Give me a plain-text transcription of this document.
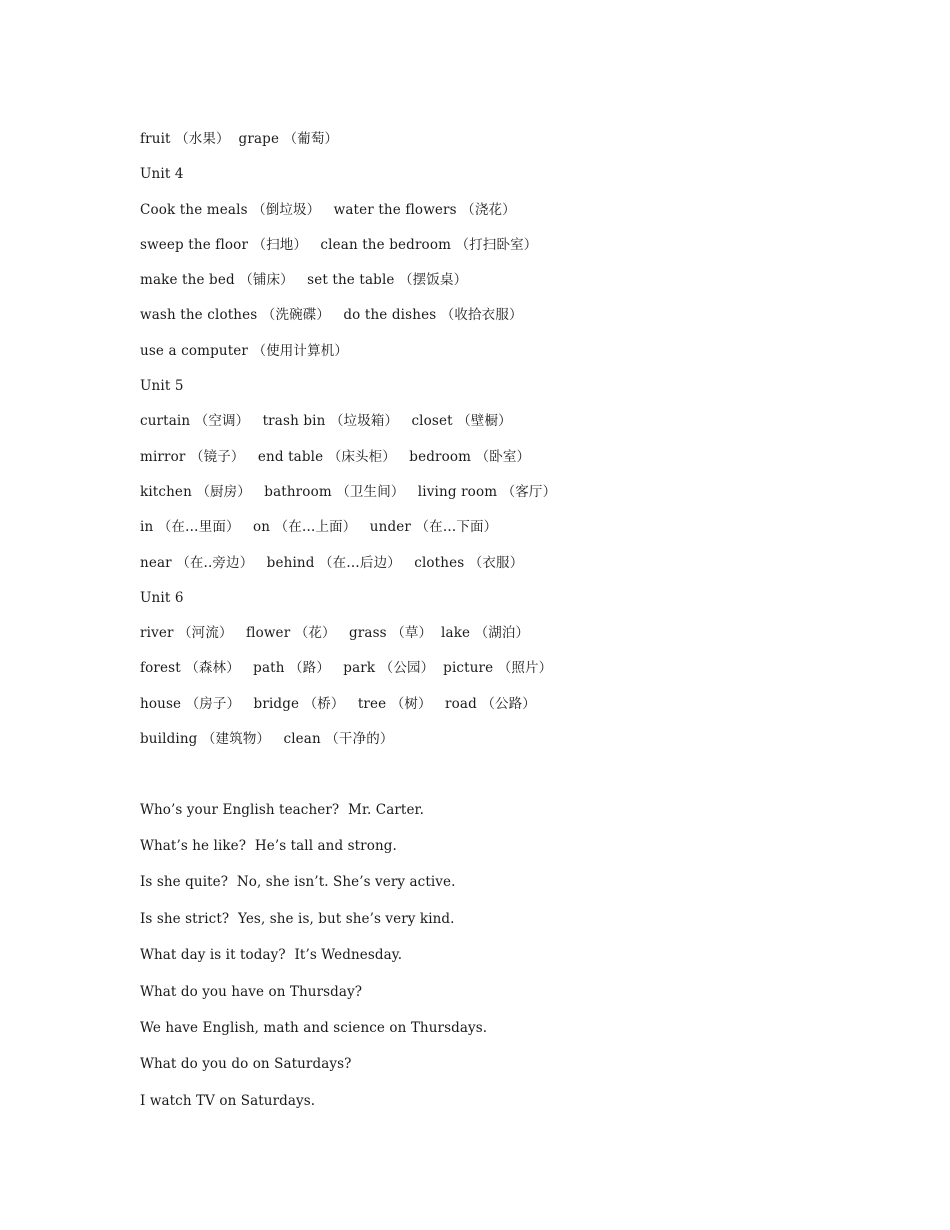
fruit （水果）  grape （葡萄）
Unit 4
Cook the meals （倒垃圾）   water the flowers （浇花）
sweep the floor （扫地）   clean the bedroom （打扫卧室）
make the bed （铺床）   set the table （摆饭桌）
wash the clothes （洗碗碟）   do the dishes （收拾衣服）
use a computer （使用计算机）
Unit 5
curtain （空调）   trash bin （垃圾箱）   closet （壁橱）
mirror （镜子）   end table （床头柜）   bedroom （卧室）
kitchen （厨房）   bathroom （卫生间）   living room （客厅）
in （在…里面）   on （在…上面）   under （在…下面）
near （在..旁边）   behind （在…后边）   clothes （衣服）
Unit 6
river （河流）   flower （花）   grass （草）  lake （湖泊）
forest （森林）   path （路）   park （公园）  picture （照片）
house （房子）   bridge （桥）   tree （树）   road （公路）
building （建筑物）   clean （干净的）
Who’s your English teacher?  Mr. Carter.
What’s he like?  He’s tall and strong.
Is she quite?  No, she isn’t. She’s very active.
Is she strict?  Yes, she is, but she’s very kind.
What day is it today?  It’s Wednesday.
What do you have on Thursday?
We have English, math and science on Thursdays.
What do you do on Saturdays?
I watch TV on Saturdays.
